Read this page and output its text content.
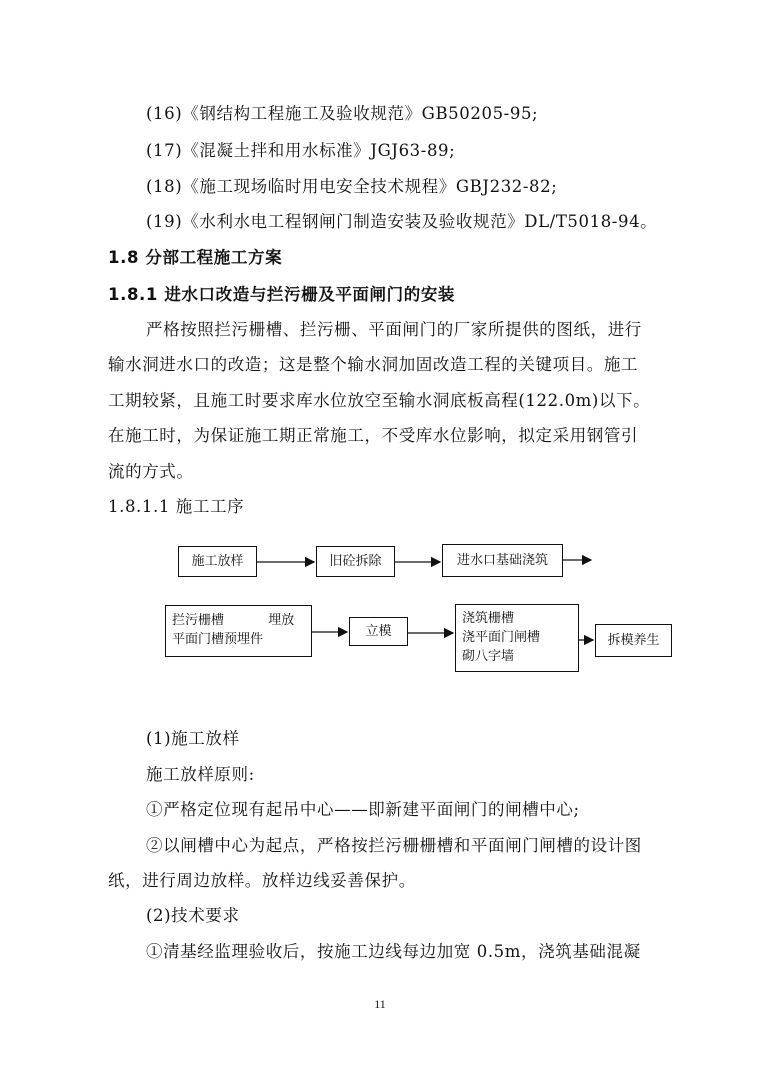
(16)《钢结构工程施工及验收规范》GB50205-95;
(17)《混凝土拌和用水标准》JGJ63-89;
(18)《施工现场临时用电安全技术规程》GBJ232-82;
(19)《水利水电工程钢闸门制造安装及验收规范》DL/T5018-94。
1.8 分部工程施工方案
1.8.1 进水口改造与拦污栅及平面闸门的安装
严格按照拦污栅槽、拦污栅、平面闸门的厂家所提供的图纸，进行
输水洞进水口的改造；这是整个输水洞加固改造工程的关键项目。施工
工期较紧，且施工时要求库水位放空至输水洞底板高程(122.0m)以下。
在施工时，为保证施工期正常施工，不受库水位影响，拟定采用钢管引
流的方式。
1.8.1.1 施工工序
施工放样	旧砼拆除	进水口基础浇筑
拦污栅槽	埋放
平面门槽预埋件
立模
浇筑栅槽
浇平面门闸槽
砌八字墙
拆模养生
(1)施工放样
施工放样原则:
①严格定位现有起吊中心——即新建平面闸门的闸槽中心;
②以闸槽中心为起点，严格按拦污栅栅槽和平面闸门闸槽的设计图
纸，进行周边放样。放样边线妥善保护。
(2)技术要求
①清基经监理验收后，按施工边线每边加宽 0.5m，浇筑基础混凝
11
